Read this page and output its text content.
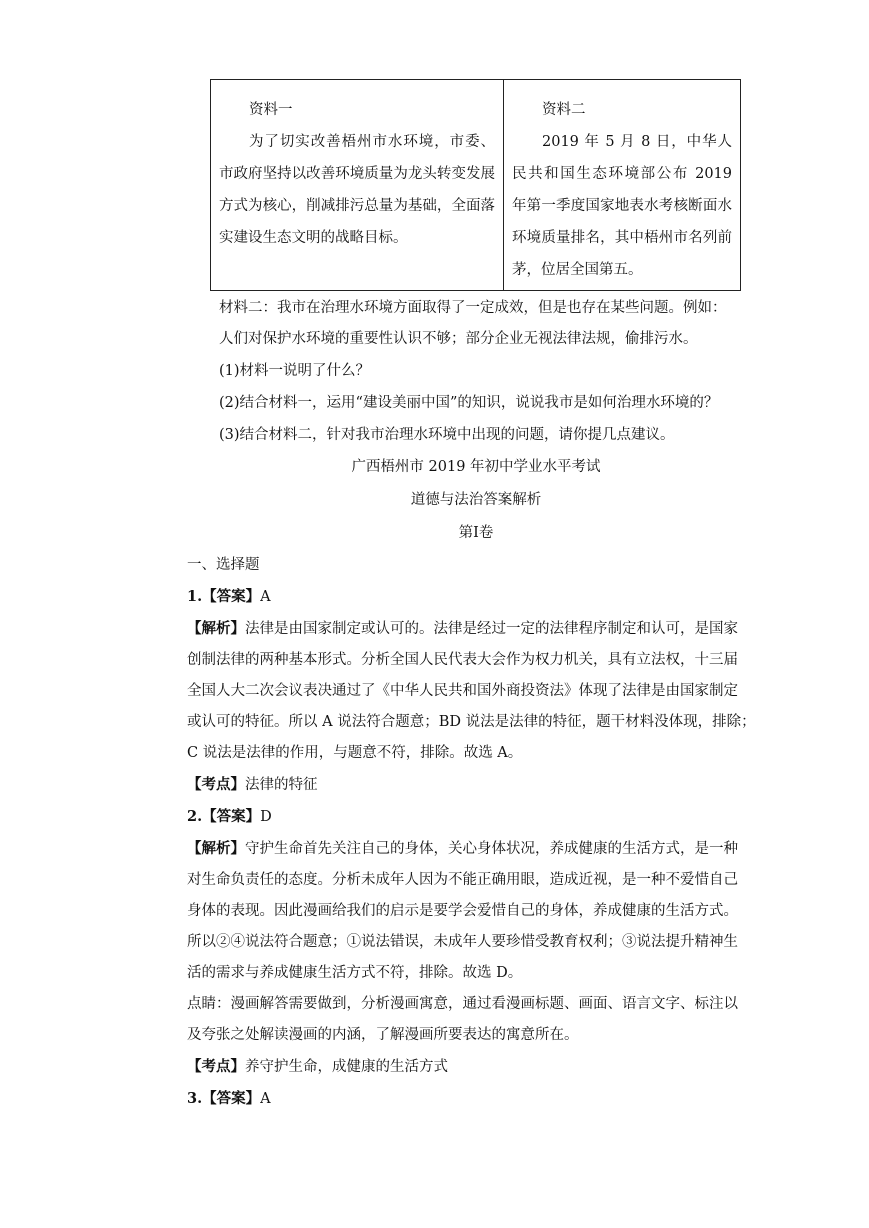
资料一
为了切实改善梧州市水环境，市委、市政府坚持以改善环境质量为龙头转变发展方式为核心，削减排污总量为基础，全面落实建设生态文明的战略目标。

资料二
2019 年 5 月 8 日，中华人民共和国生态环境部公布 2019 年第一季度国家地表水考核断面水环境质量排名，其中梧州市名列前茅，位居全国第五。
材料二：我市在治理水环境方面取得了一定成效，但是也存在某些问题。例如：
人们对保护水环境的重要性认识不够；部分企业无视法律法规，偷排污水。
(1)材料一说明了什么？
(2)结合材料一，运用“建设美丽中国”的知识，说说我市是如何治理水环境的？
(3)结合材料二，针对我市治理水环境中出现的问题，请你提几点建议。
广西梧州市 2019 年初中学业水平考试
道德与法治答案解析
第Ⅰ卷
一、选择题
1.【答案】A
【解析】法律是由国家制定或认可的。法律是经过一定的法律程序制定和认可，是国家
创制法律的两种基本形式。分析全国人民代表大会作为权力机关，具有立法权，十三届
全国人大二次会议表决通过了《中华人民共和国外商投资法》体现了法律是由国家制定
或认可的特征。所以 A 说法符合题意；BD 说法是法律的特征，题干材料没体现，排除；
C 说法是法律的作用，与题意不符，排除。故选 A。
【考点】法律的特征
2.【答案】D
【解析】守护生命首先关注自己的身体，关心身体状况，养成健康的生活方式，是一种
对生命负责任的态度。分析未成年人因为不能正确用眼，造成近视，是一种不爱惜自己
身体的表现。因此漫画给我们的启示是要学会爱惜自己的身体，养成健康的生活方式。
所以②④说法符合题意；①说法错误，未成年人要珍惜受教育权利；③说法提升精神生
活的需求与养成健康生活方式不符，排除。故选 D。
点睛：漫画解答需要做到，分析漫画寓意，通过看漫画标题、画面、语言文字、标注以
及夸张之处解读漫画的内涵，了解漫画所要表达的寓意所在。
【考点】养守护生命，成健康的生活方式
3.【答案】A
